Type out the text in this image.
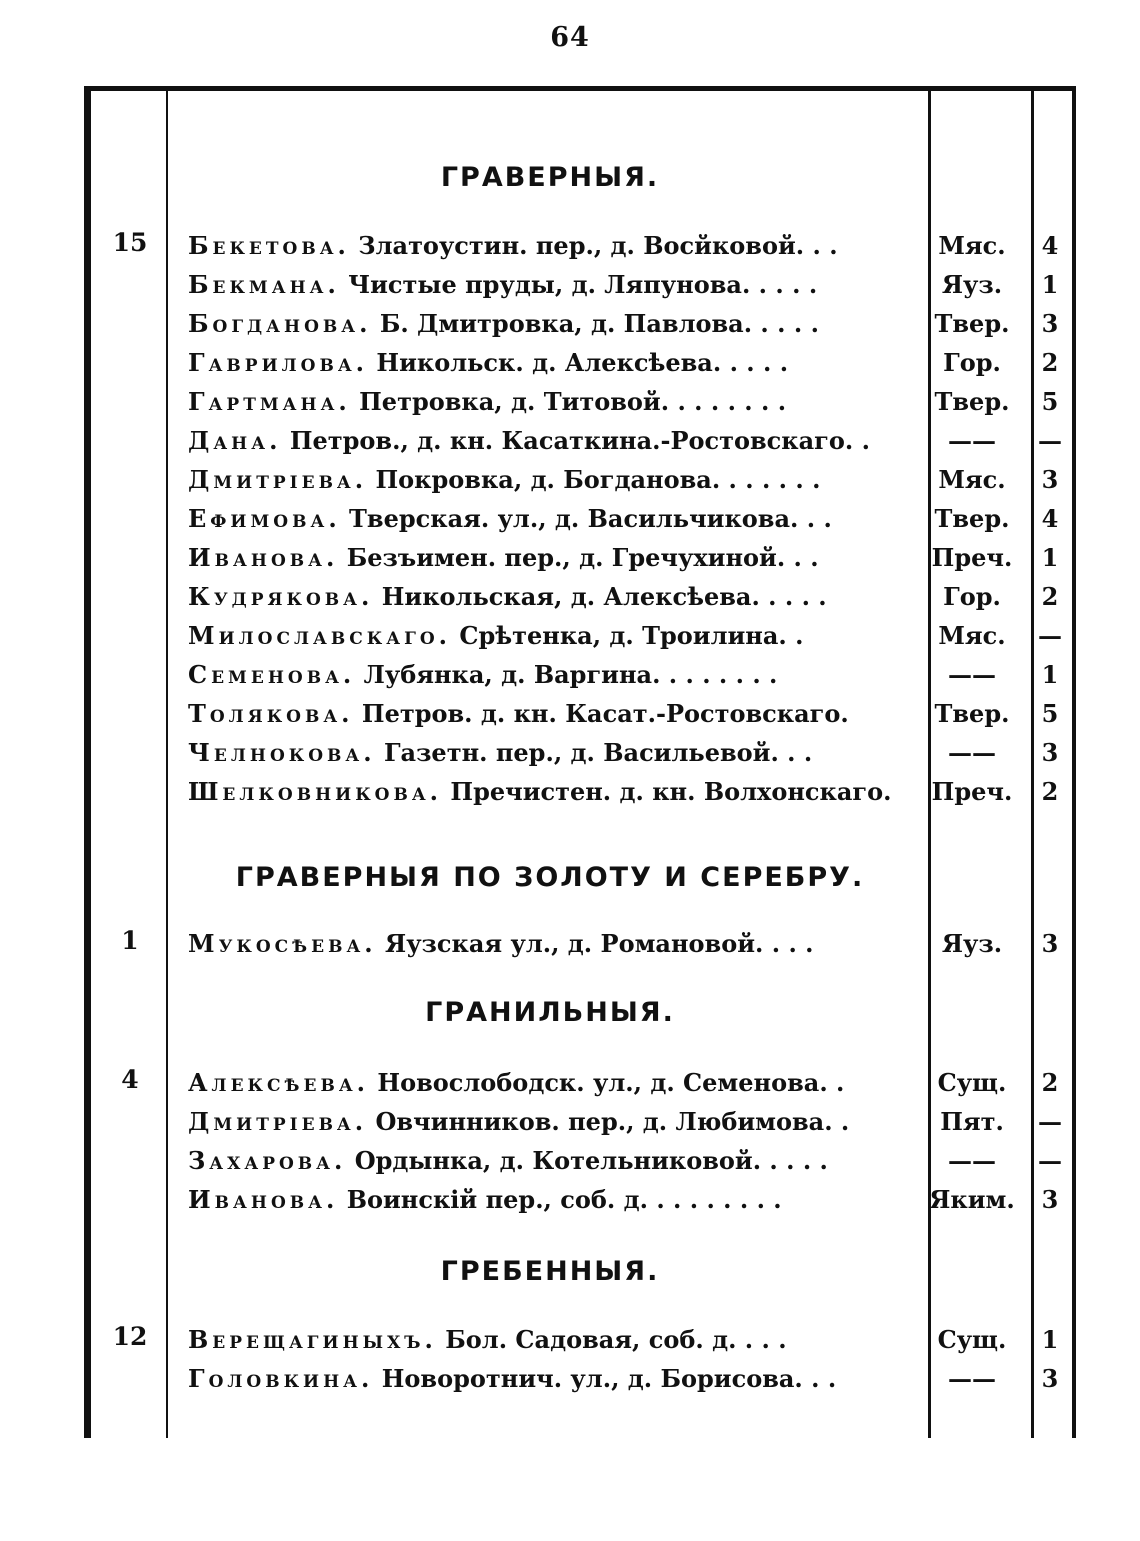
64
ГРАВЕРНЫЯ.
15	Бекетова. Златоустин. пер., д. Восйковой. . .	Мяс.	4
Бекмана. Чистые пруды, д. Ляпунова. . . . .	Яуз.	1
Богданова. Б. Дмитровка, д. Павлова. . . . .	Твер.	3
Гаврилова. Никольск. д. Алексѣева. . . . .	Гор.	2
Гартмана. Петровка, д. Титовой. . . . . . . .	Твер.	5
Дана. Петров., д. кн. Касаткина.-Ростовскаго. .	——	—
Дмитрiева. Покровка, д. Богданова. . . . . . .	Мяс.	3
Ефимова. Тверская. ул., д. Васильчикова. . .	Твер.	4
Иванова. Безъимен. пер., д. Гречухиной. . .	Преч.	1
Кудрякова. Никольская, д. Алексѣева. . . . .	Гор.	2
Милославскаго. Срѣтенка, д. Троилина. .	Мяс.	—
Семенова. Лубянка, д. Варгина. . . . . . . .	——	1
Толякова. Петров. д. кн. Касат.-Ростовскаго.	Твер.	5
Челнокова. Газетн. пер., д. Васильевой. . .	——	3
Шелковникова. Пречистен. д. кн. Волхонскаго.	Преч.	2
ГРАВЕРНЫЯ ПО ЗОЛОТУ И СЕРЕБРУ.
1	Мукосѣева. Яузская ул., д. Романовой. . . .	Яуз.	3
ГРАНИЛЬНЫЯ.
4	Алексѣева. Новослободск. ул., д. Семенова. .	Сущ.	2
Дмитрiева. Овчинников. пер., д. Любимова. .	Пят.	—
Захарова. Ордынка, д. Котельниковой. . . . .	——	—
Иванова. Воинскiй пер., соб. д. . . . . . . . .	Яким.	3
ГРЕБЕННЫЯ.
12	Верещагиныхъ. Бол. Садовая, соб. д. . . .	Сущ.	1
Головкина. Новоротнич. ул., д. Борисова. . .	——	3
